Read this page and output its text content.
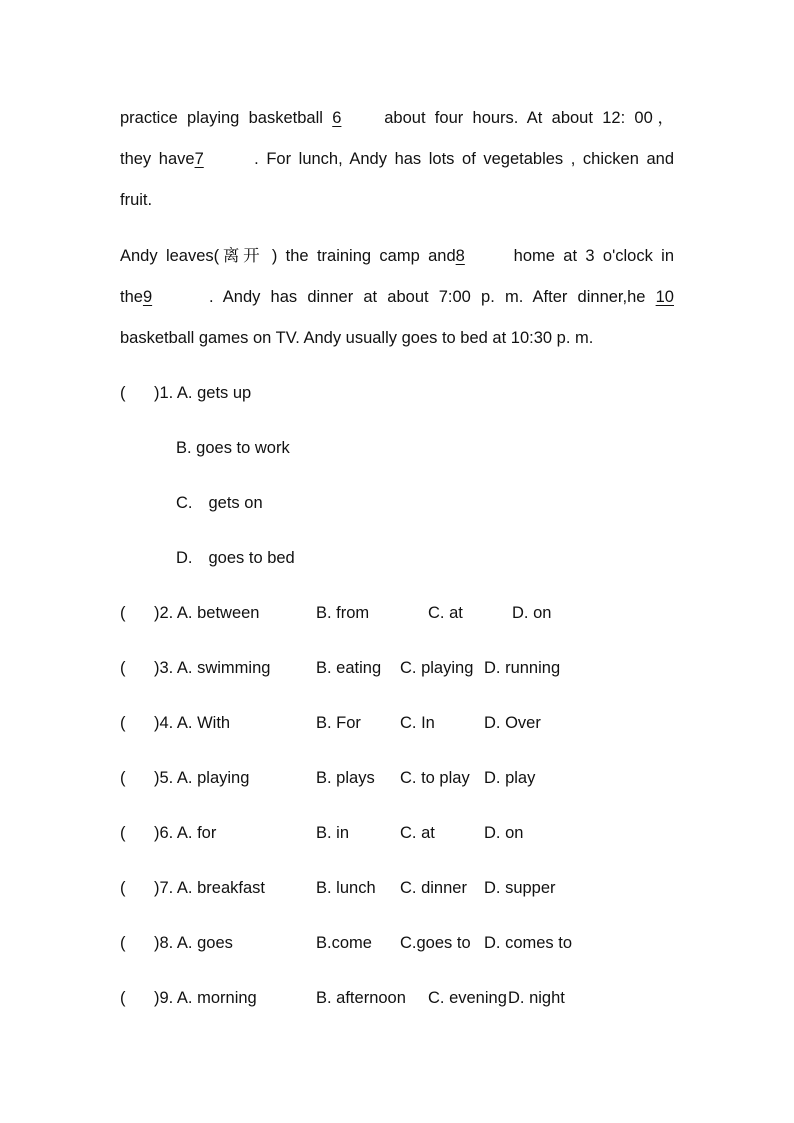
practice playing basketball 6	about four hours. At about 12: 00，
they have7	. For lunch, Andy has lots of vegetables , chicken and
fruit.
Andy leaves(离开 ) the training camp and8	home at 3 o'clock in
the9	. Andy has dinner at about 7:00 p. m. After dinner,he 10
basketball games on TV. Andy usually goes to bed at 10:30 p. m.
( )1. A. gets up
B. goes to work
C. gets on
D. goes to bed
( )2. A. between	B. from	C. at	D. on
( )3. A. swimming	B. eating C. playing D. running
( )4. A. With	B. For C. In	D. Over
( )5. A. playing	B. plays C. to play D. play
( )6. A. for	B. in	C. at	D. on
( )7. A. breakfast	B. lunch C. dinner D. supper
( )8. A. goes	B.come C.goes to D. comes to
( )9. A. morning	B. afternoon C. evening D. night
